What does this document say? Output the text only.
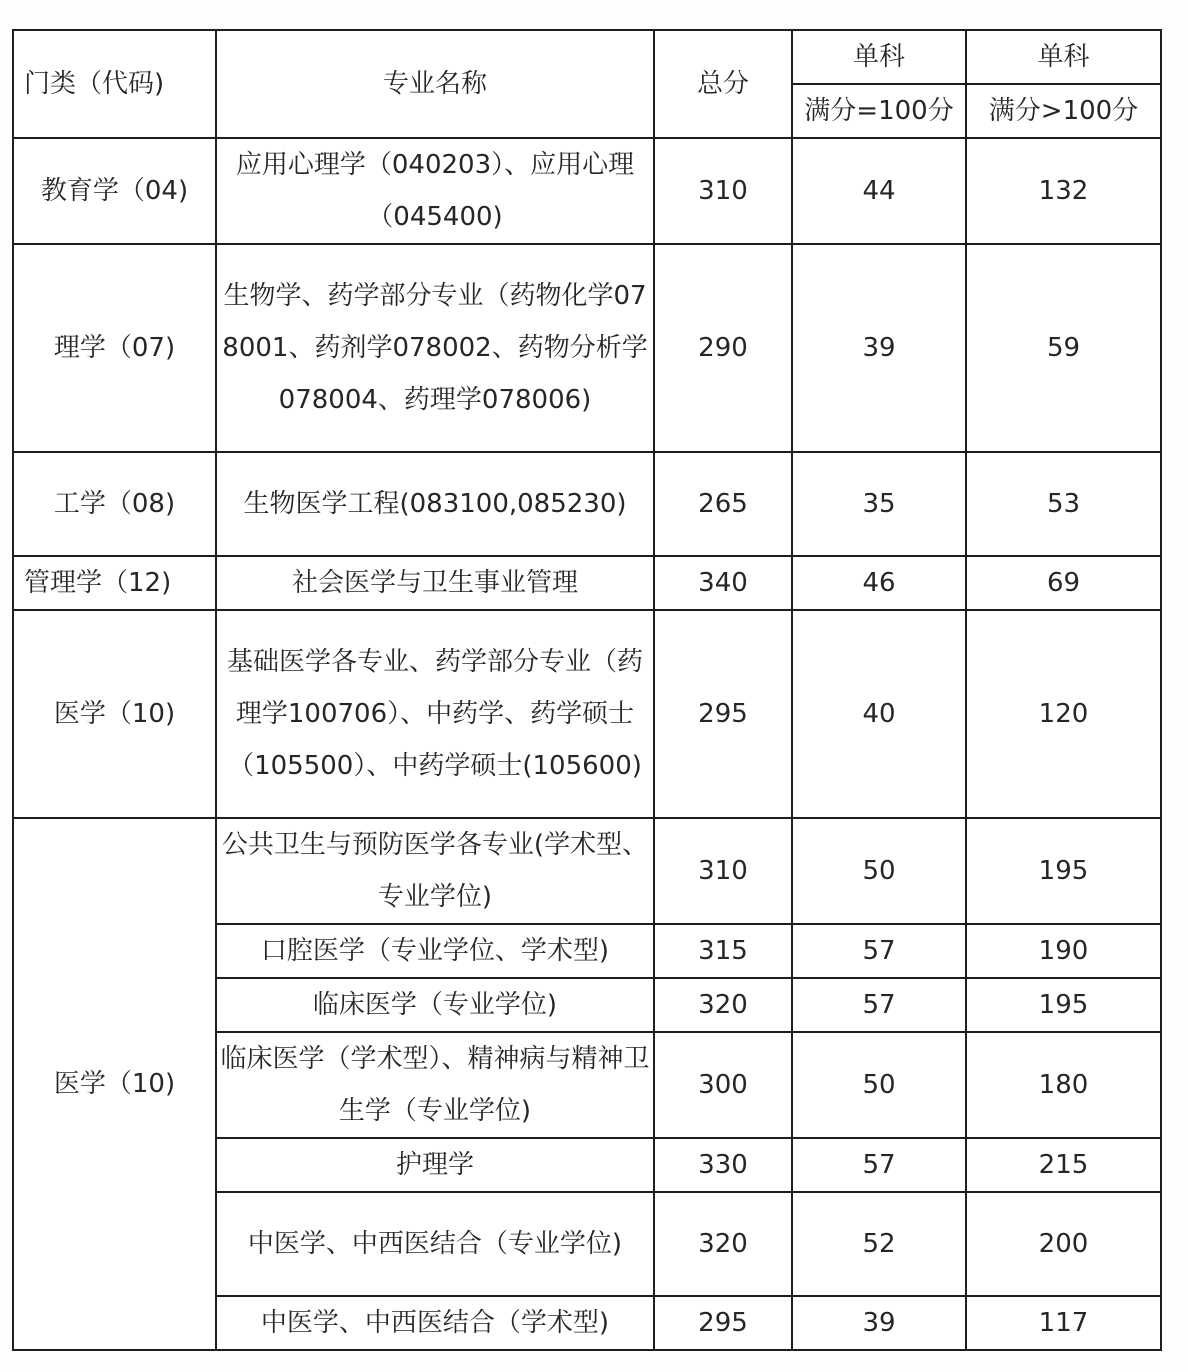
门类（代码)	专业名称	总分	单科	单科
			满分=100分	满分>100分
教育学（04)	应用心理学（040203）、应用心理（045400)	310	44	132
理学（07)	生物学、药学部分专业（药物化学078001、药剂学078002、药物分析学078004、药理学078006)	290	39	59
工学（08)	生物医学工程(083100,085230)	265	35	53
管理学（12)	社会医学与卫生事业管理	340	46	69
医学（10)	基础医学各专业、药学部分专业（药理学100706）、中药学、药学硕士（105500）、中药学硕士(105600)	295	40	120
医学（10)	公共卫生与预防医学各专业(学术型、专业学位)	310	50	195
	口腔医学（专业学位、学术型)	315	57	190
	临床医学（专业学位)	320	57	195
	临床医学（学术型）、精神病与精神卫生学（专业学位)	300	50	180
	护理学	330	57	215
	中医学、中西医结合（专业学位)	320	52	200
	中医学、中西医结合（学术型)	295	39	117
